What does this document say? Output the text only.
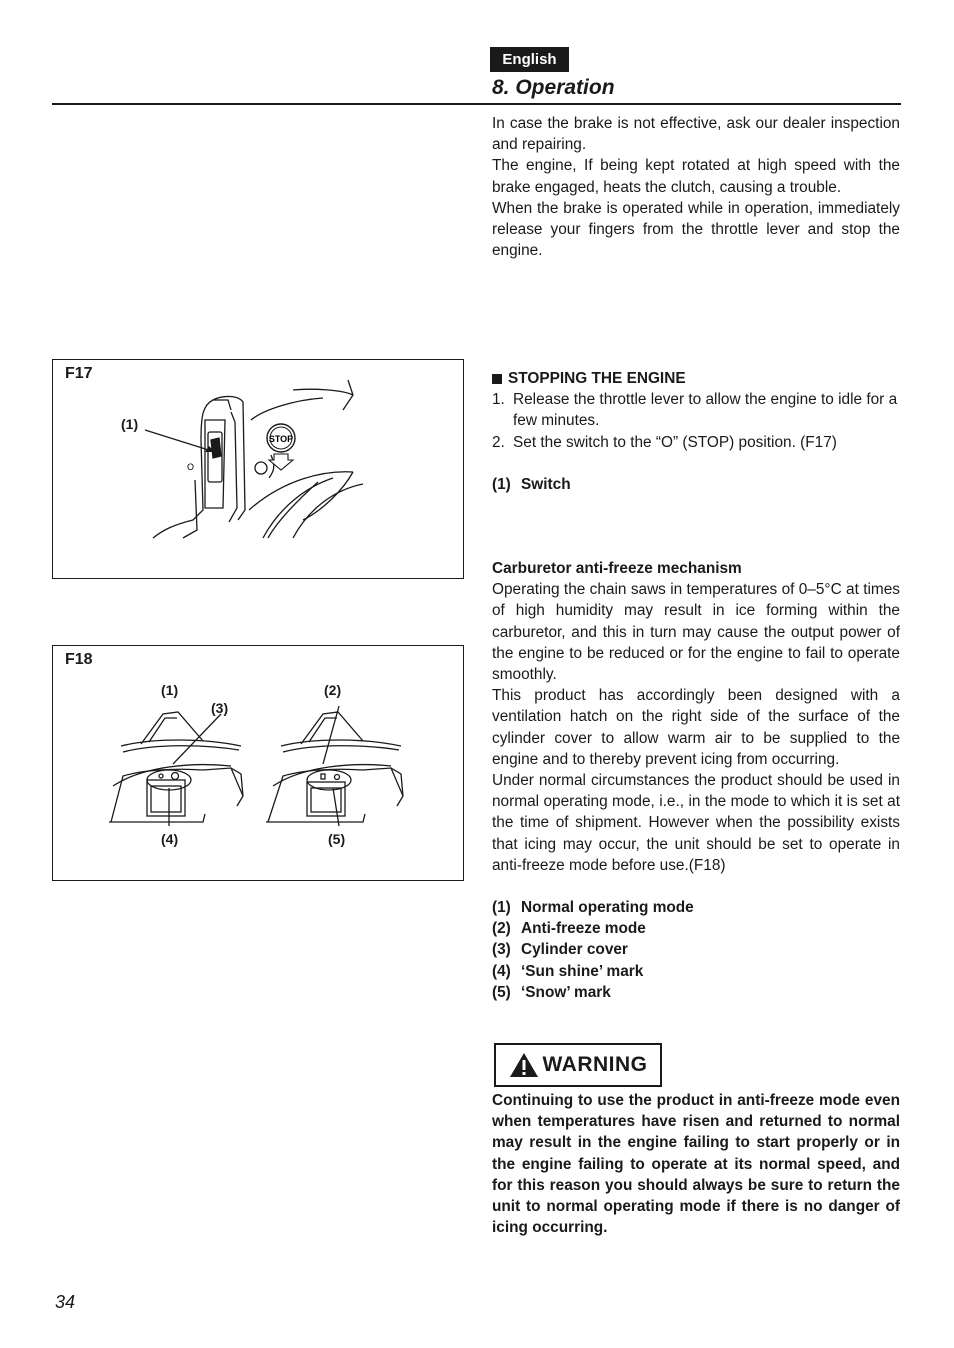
English
8. Operation

In case the brake is not effective, ask our dealer inspection and repairing.

The engine, If being kept rotated at high speed with the brake engaged, heats the clutch, causing a trouble.

When the brake is operated while in operation, immediately release your fingers from the throttle lever and stop the engine.

F17
(1)
STOP
O
STOPPING THE ENGINE
1. Release the throttle lever to allow the engine to idle for a few minutes.
2. Set the switch to the “O” (STOP) position. (F17)
(1) Switch
F18
(1)	(2)
(3)
(4)	(5)
Carburetor anti-freeze mechanism

Operating the chain saws in temperatures of 0–5°C at times of high humidity may result in ice forming within the carburetor, and this in turn may cause the output power of the engine to be reduced or for the engine to fail to operate smoothly.

This product has accordingly been designed with a ventilation hatch on the right side of the surface of the cylinder cover to allow warm air to be supplied to the engine and to thereby prevent icing from occurring.

Under normal circumstances the product should be used in normal operating mode, i.e., in the mode to which it is set at the time of shipment. However when the possibility exists that icing may occur, the unit should be set to operate in anti-freeze mode before use.(F18)

(1) Normal operating mode
(2) Anti-freeze mode
(3) Cylinder cover
(4) ‘Sun shine’ mark
(5) ‘Snow’ mark
WARNING

Continuing to use the product in anti-freeze mode even when temperatures have risen and returned to normal may result in the engine failing to start properly or in the engine failing to operate at its normal speed, and for this reason you should always be sure to return the unit to normal operating mode if there is no danger of icing occurring.

34
